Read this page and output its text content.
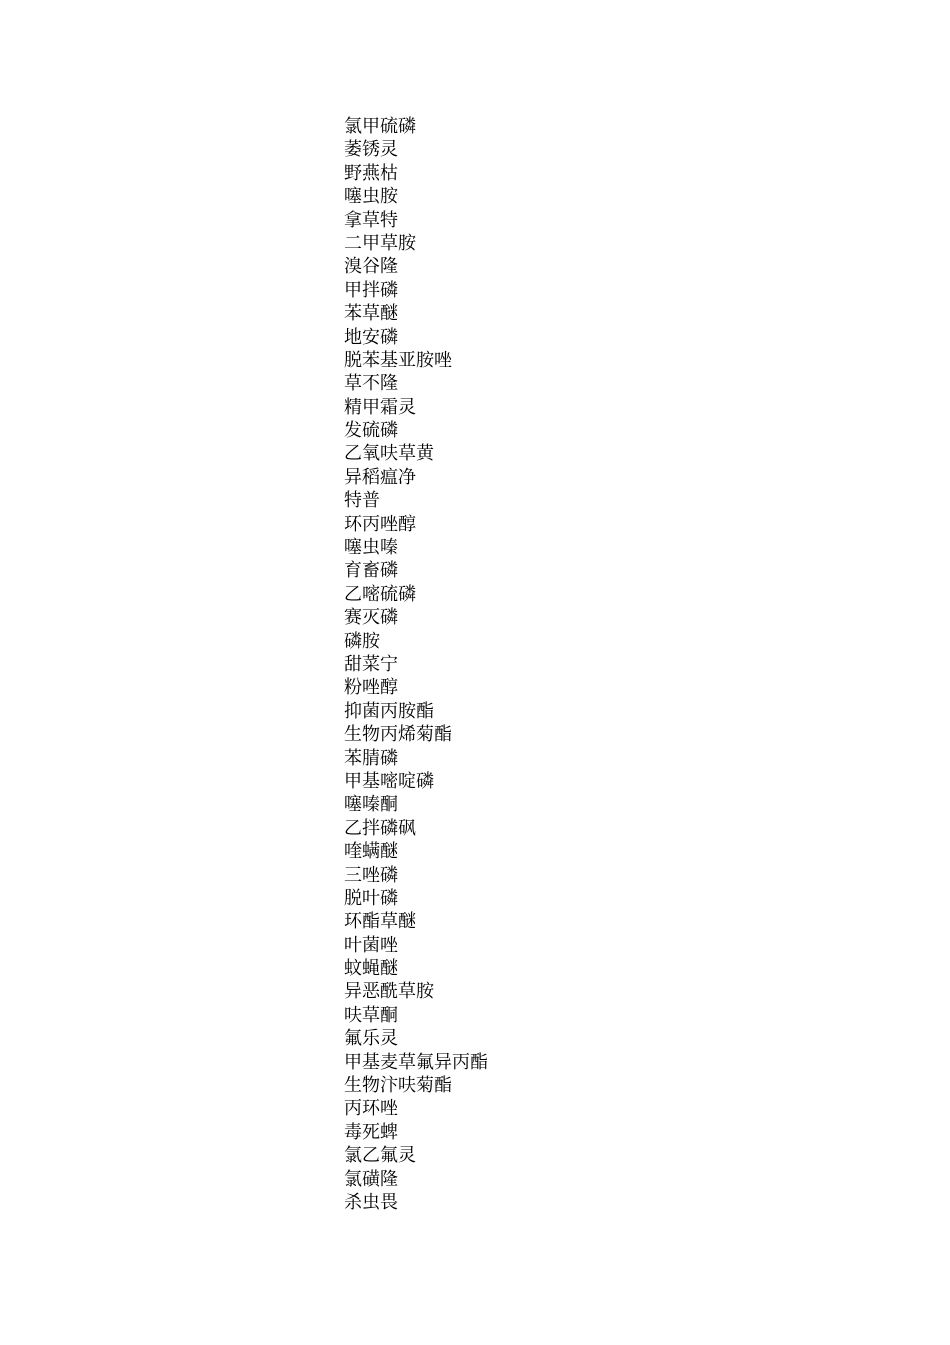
氯甲硫磷
萎锈灵
野燕枯
噻虫胺
拿草特
二甲草胺
溴谷隆
甲拌磷
苯草醚
地安磷
脱苯基亚胺唑
草不隆
精甲霜灵
发硫磷
乙氧呋草黄
异稻瘟净
特普
环丙唑醇
噻虫嗪
育畜磷
乙嘧硫磷
赛灭磷
磷胺
甜菜宁
粉唑醇
抑菌丙胺酯
生物丙烯菊酯
苯腈磷
甲基嘧啶磷
噻嗪酮
乙拌磷砜
喹螨醚
三唑磷
脱叶磷
环酯草醚
叶菌唑
蚊蝇醚
异恶酰草胺
呋草酮
氟乐灵
甲基麦草氟异丙酯
生物汴呋菊酯
丙环唑
毒死蜱
氯乙氟灵
氯磺隆
杀虫畏
